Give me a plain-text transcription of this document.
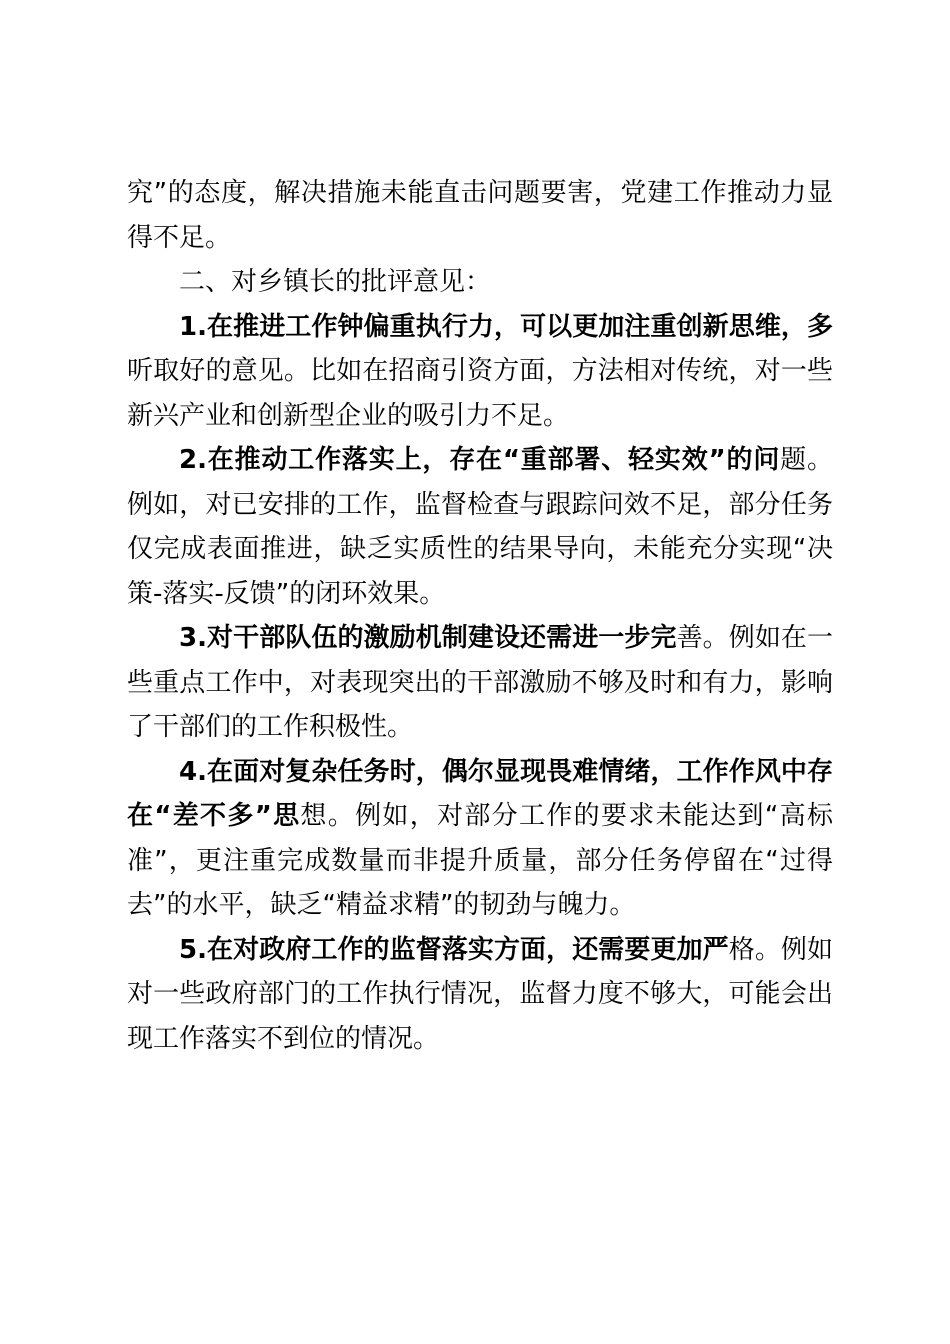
究”的态度，解决措施未能直击问题要害，党建工作推动力显得不足。

二、对乡镇长的批评意见：

1.在推进工作钟偏重执行力，可以更加注重创新思维，多听取好的意见。比如在招商引资方面，方法相对传统，对一些新兴产业和创新型企业的吸引力不足。

2.在推动工作落实上，存在“重部署、轻实效”的问题。例如，对已安排的工作，监督检查与跟踪问效不足，部分任务仅完成表面推进，缺乏实质性的结果导向，未能充分实现“决策-落实-反馈”的闭环效果。

3.对干部队伍的激励机制建设还需进一步完善。例如在一些重点工作中，对表现突出的干部激励不够及时和有力，影响了干部们的工作积极性。

4.在面对复杂任务时，偶尔显现畏难情绪，工作作风中存在“差不多”思想。例如，对部分工作的要求未能达到“高标准”，更注重完成数量而非提升质量，部分任务停留在“过得去”的水平，缺乏“精益求精”的韧劲与魄力。

5.在对政府工作的监督落实方面，还需要更加严格。例如对一些政府部门的工作执行情况，监督力度不够大，可能会出现工作落实不到位的情况。
